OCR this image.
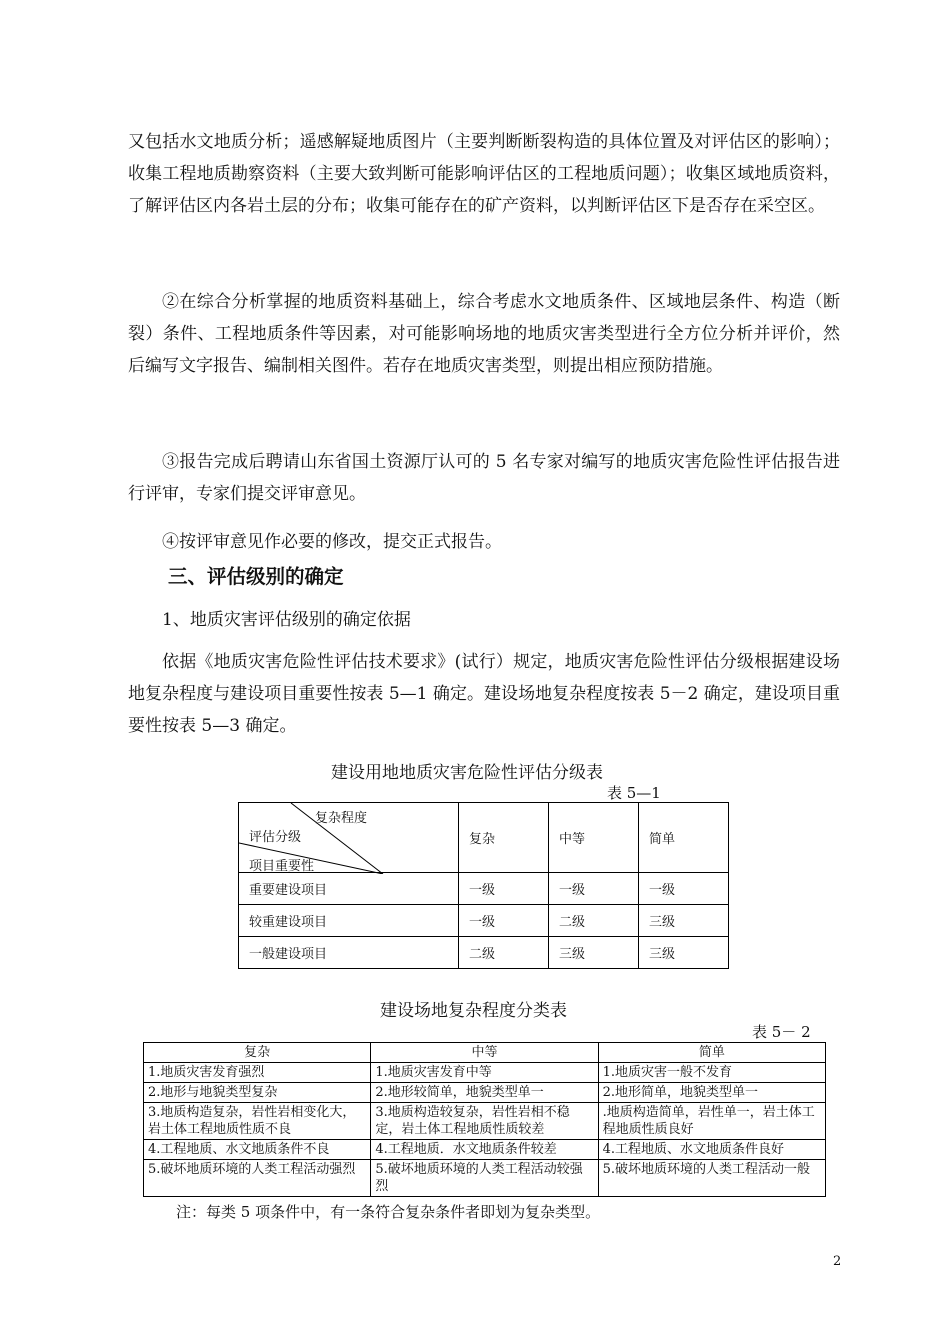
又包括水文地质分析；遥感解疑地质图片（主要判断断裂构造的具体位置及对评估区的影响）；收集工程地质勘察资料（主要大致判断可能影响评估区的工程地质问题）；收集区域地质资料，了解评估区内各岩土层的分布；收集可能存在的矿产资料，以判断评估区下是否存在采空区。

②在综合分析掌握的地质资料基础上，综合考虑水文地质条件、区域地层条件、构造（断裂）条件、工程地质条件等因素，对可能影响场地的地质灾害类型进行全方位分析并评价，然后编写文字报告、编制相关图件。若存在地质灾害类型，则提出相应预防措施。

③报告完成后聘请山东省国土资源厅认可的 5 名专家对编写的地质灾害危险性评估报告进行评审，专家们提交评审意见。

④按评审意见作必要的修改，提交正式报告。

三、评估级别的确定

1、地质灾害评估级别的确定依据

依据《地质灾害危险性评估技术要求》(试行）规定，地质灾害危险性评估分级根据建设场地复杂程度与建设项目重要性按表 5—1 确定。建设场地复杂程度按表 5－2 确定，建设项目重要性按表 5—3 确定。

建设用地地质灾害危险性评估分级表

表 5—1

复杂程度
评估分级
项目重要性	复杂	中等	简单
重要建设项目	一级	一级	一级
较重建设项目	一级	二级	三级
一般建设项目	二级	三级	三级

建设场地复杂程度分类表

表 5－ 2

复杂	中等	简单
1.地质灾害发育强烈	1.地质灾害发育中等	1.地质灾害一般不发育
2.地形与地貌类型复杂	2.地形较简单，地貌类型单一	2.地形简单，地貌类型单一
3.地质构造复杂，岩性岩相变化大，岩土体工程地质性质不良	3.地质构造较复杂，岩性岩相不稳定，岩土体工程地质性质较差	.地质构造简单，岩性单一，岩土体工程地质性质良好
4.工程地质、水文地质条件不良	4.工程地质．水文地质条件较差	4.工程地质、水文地质条件良好
5.破坏地质环境的人类工程活动强烈	5.破坏地质环境的人类工程活动较强烈	5.破坏地质环境的人类工程活动一般

注：每类 5 项条件中，有一条符合复杂条件者即划为复杂类型。

2
